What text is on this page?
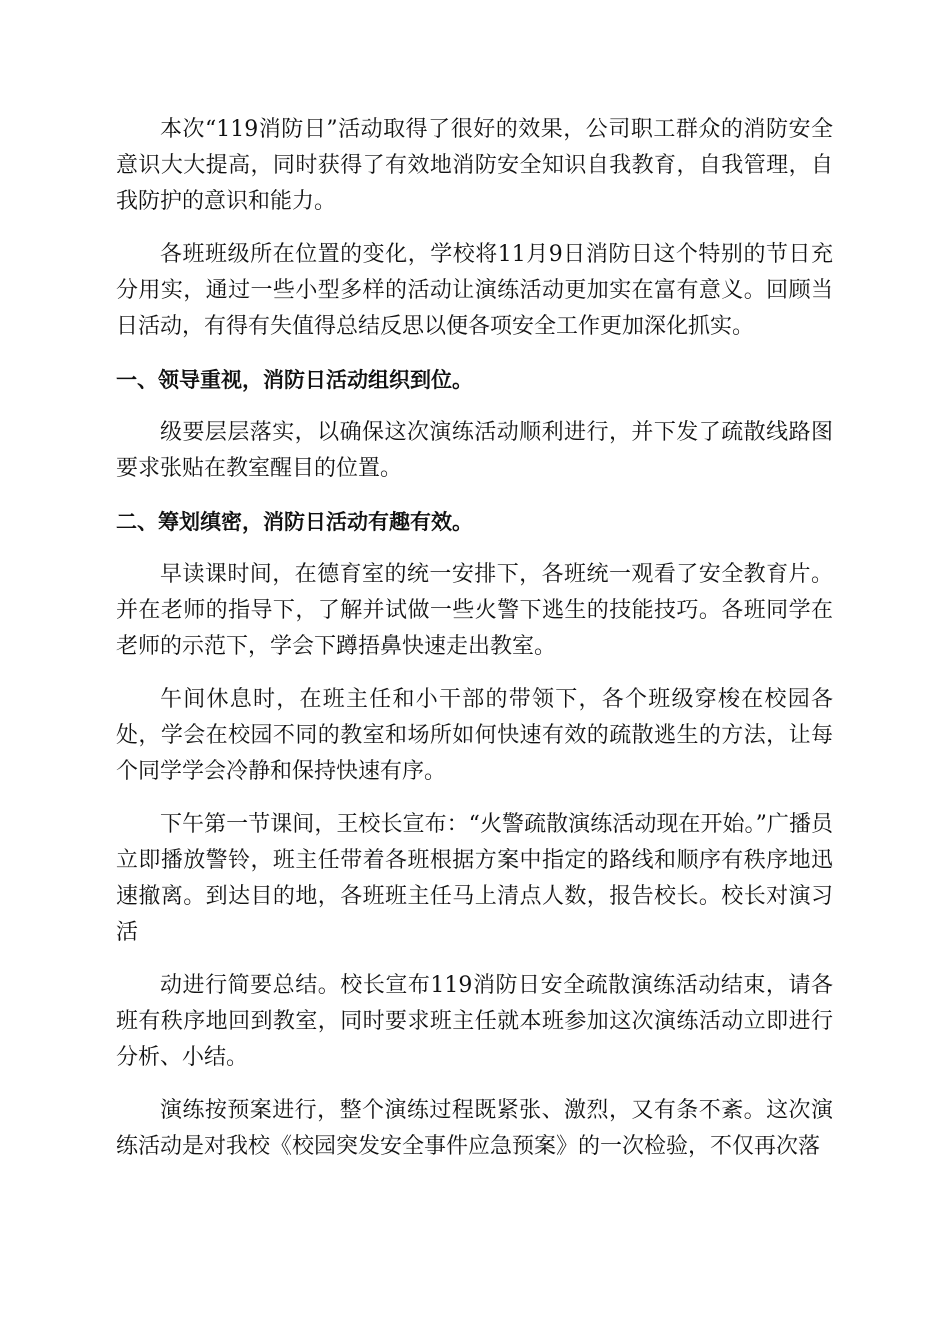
本次“119消防日”活动取得了很好的效果，公司职工群众的消防安全意识大大提高，同时获得了有效地消防安全知识自我教育，自我管理，自我防护的意识和能力。

各班班级所在位置的变化，学校将11月9日消防日这个特别的节日充分用实，通过一些小型多样的活动让演练活动更加实在富有意义。回顾当日活动，有得有失值得总结反思以便各项安全工作更加深化抓实。

一、领导重视，消防日活动组织到位。

级要层层落实，以确保这次演练活动顺利进行，并下发了疏散线路图要求张贴在教室醒目的位置。

二、筹划缜密，消防日活动有趣有效。

早读课时间，在德育室的统一安排下，各班统一观看了安全教育片。并在老师的指导下，了解并试做一些火警下逃生的技能技巧。各班同学在老师的示范下，学会下蹲捂鼻快速走出教室。

午间休息时，在班主任和小干部的带领下，各个班级穿梭在校园各处，学会在校园不同的教室和场所如何快速有效的疏散逃生的方法，让每个同学学会冷静和保持快速有序。

下午第一节课间，王校长宣布：“火警疏散演练活动现在开始。”广播员立即播放警铃，班主任带着各班根据方案中指定的路线和顺序有秩序地迅速撤离。到达目的地，各班班主任马上清点人数，报告校长。校长对演习活

动进行简要总结。校长宣布119消防日安全疏散演练活动结束，请各班有秩序地回到教室，同时要求班主任就本班参加这次演练活动立即进行分析、小结。

演练按预案进行，整个演练过程既紧张、激烈，又有条不紊。这次演练活动是对我校《校园突发安全事件应急预案》的一次检验，不仅再次落
